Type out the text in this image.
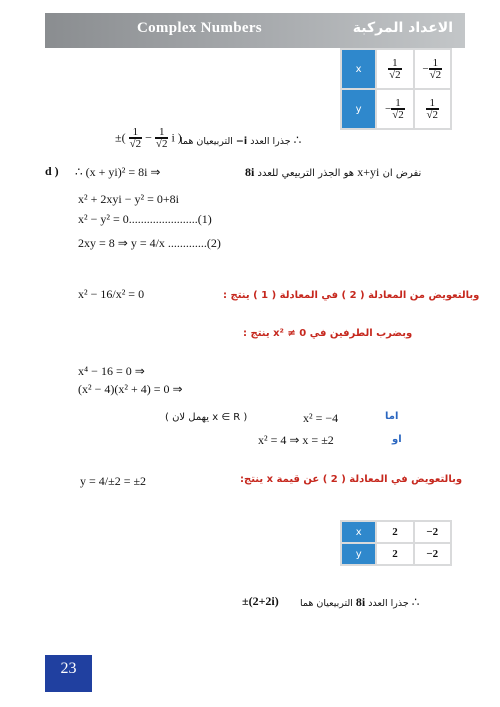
Complex Numbers	الاعداد المركبة
x	$\frac{1}{√2}$	− $\frac{1}{√2}$

y	− $\frac{1}{√2}$	$\frac{1}{√2}$
±( $\frac{1}{√2} - \frac{1}{√2}$ i )	∴ جذرا العدد i− التربيعيان هما
d ) ∴ (x + yi)² = 8i ⇒	نفرض ان x+yi هو الجذر التربيعي للعدد 8i
x² + 2xyi − y² = 0+8i
x² − y² = 0.......................(1)
2xy = 8 ⇒ y = 4/x .............(2)
وبالتعويض من المعادلة ( 2 ) في المعادلة ( 1 ) ينتج :
x² − 16/x² = 0
وبضرب الطرفين في 0 ≠ x² ينتج :
x⁴ − 16 = 0 ⇒
(x² − 4)(x² + 4) = 0 ⇒
اما
x² = −4
( x ∈ R يهمل لان )
او
x² = 4 ⇒ x = ±2
y = 4/±2 = ±2	وبالتعويض في المعادلة ( 2 ) عن قيمة x ينتج:
x	2	−2
y	2	−2
±(2+2i)	∴ جذرا العدد 8i التربيعيان هما
23
